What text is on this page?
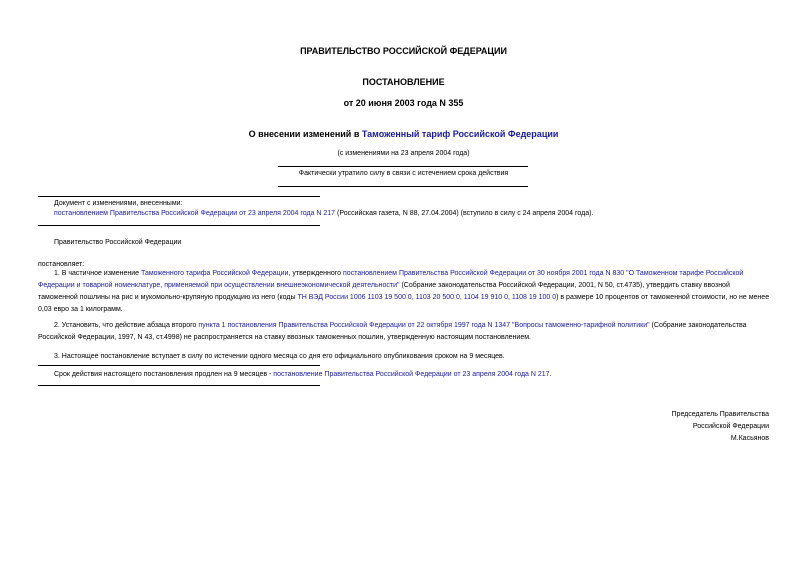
ПРАВИТЕЛЬСТВО РОССИЙСКОЙ ФЕДЕРАЦИИ
ПОСТАНОВЛЕНИЕ
от 20 июня 2003 года N 355
О внесении изменений в Таможенный тариф Российской Федерации
(с изменениями на 23 апреля 2004 года)
Фактически утратило силу в связи с истечением срока действия
Документ с изменениями, внесенными:
постановлением Правительства Российской Федерации от 23 апреля 2004 года N 217 (Российская газета, N 88, 27.04.2004) (вступило в силу с 24 апреля 2004 года).
Правительство Российской Федерации
постановляет:
1. В частичное изменение Таможенного тарифа Российской Федерации, утвержденного постановлением Правительства Российской Федерации от 30 ноября 2001 года N 830 "О Таможенном тарифе Российской Федерации и товарной номенклатуре, применяемой при осуществлении внешнеэкономической деятельности" (Собрание законодательства Российской Федерации, 2001, N 50, ст.4735), утвердить ставку ввозной таможенной пошлины на рис и мукомольно-крупяную продукцию из него (коды ТН ВЭД России 1006 1103 19 500 0, 1103 20 500 0, 1104 19 910 0, 1108 19 100 0) в размере 10 процентов от таможенной стоимости, но не менее 0,03 евро за 1 килограмм.
2. Установить, что действие абзаца второго пункта 1 постановления Правительства Российской Федерации от 22 октября 1997 года N 1347 "Вопросы таможенно-тарифной политики" (Собрание законодательства Российской Федерации, 1997, N 43, ст.4998) не распространяется на ставку ввозных таможенных пошлин, утвержденную настоящим постановлением.
3. Настоящее постановление вступает в силу по истечении одного месяца со дня его официального опубликования сроком на 9 месяцев.
Срок действия настоящего постановления продлен на 9 месяцев - постановление Правительства Российской Федерации от 23 апреля 2004 года N 217.
Председатель Правительства
Российской Федерации
М.Касьянов
